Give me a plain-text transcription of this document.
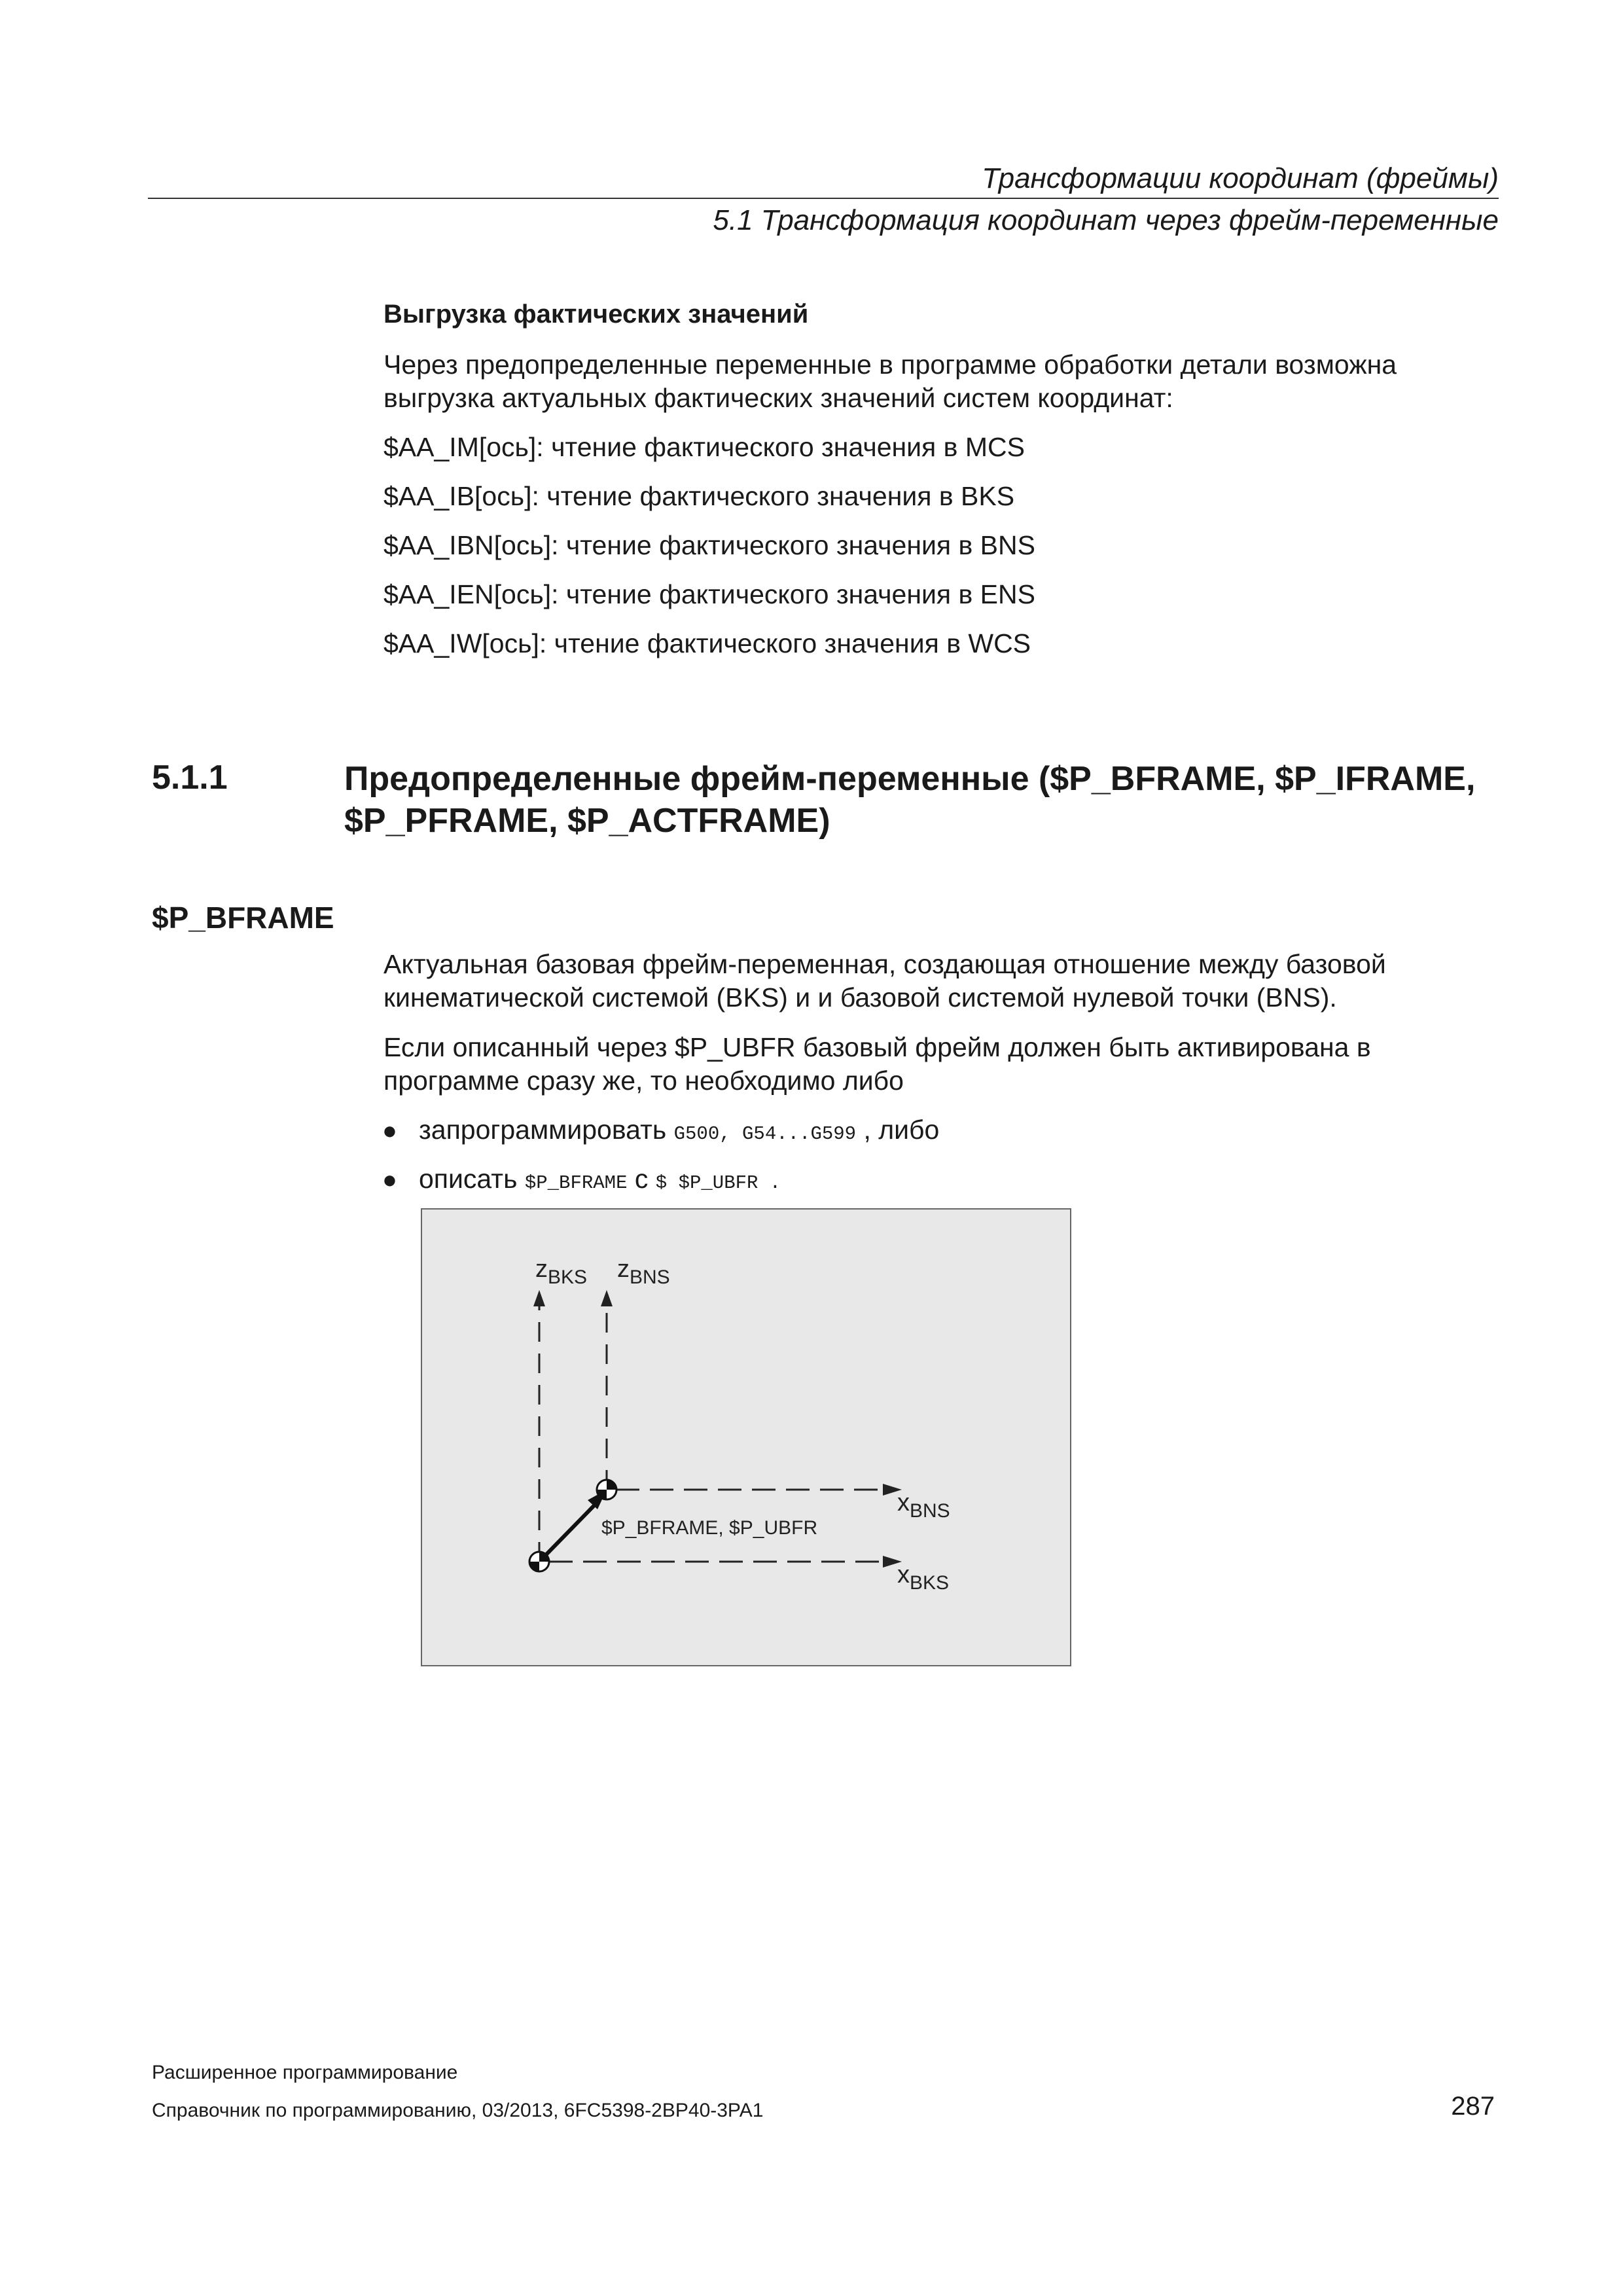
Трансформации координат (фреймы)
5.1 Трансформация координат через фрейм-переменные
Выгрузка фактических значений
Через предопределенные переменные в программе обработки детали возможна выгрузка актуальных фактических значений систем координат:
$AA_IM[ось]: чтение фактического значения в MCS
$AA_IB[ось]: чтение фактического значения в BKS
$AA_IBN[ось]: чтение фактического значения в BNS
$AA_IEN[ось]: чтение фактического значения в ENS
$AA_IW[ось]: чтение фактического значения в WCS
5.1.1	Предопределенные фрейм-переменные ($P_BFRAME, $P_IFRAME, $P_PFRAME, $P_ACTFRAME)
$P_BFRAME
Актуальная базовая фрейм-переменная, создающая отношение между базовой кинематической системой (BKS) и и базовой системой нулевой точки (BNS).
Если описанный через $P_UBFR базовый фрейм должен быть активирована в программе сразу же, то необходимо либо
● запрограммировать G500, G54...G599 , либо
● описать $P_BFRAME с $ $P_UBFR .
$z_{BKS}$ $z_{BNS}$
$x_{BNS}$
$x_{BKS}$
$P_BFRAME, $P_UBFR
Расширенное программирование
Справочник по программированию, 03/2013, 6FC5398-2BP40-3PA1	287
